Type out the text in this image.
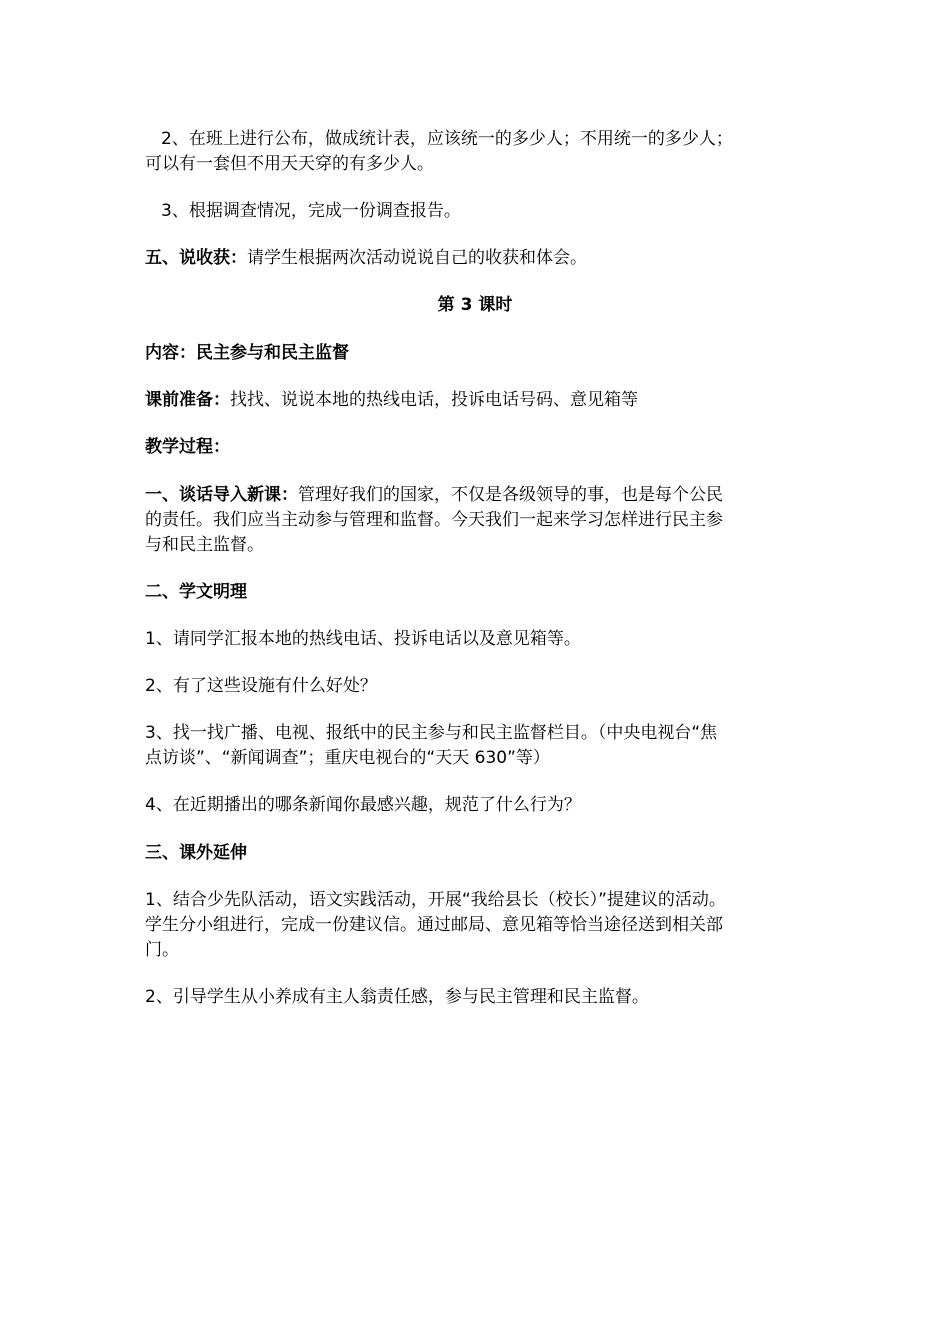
2、在班上进行公布，做成统计表，应该统一的多少人；不用统一的多少人；

可以有一套但不用天天穿的有多少人。
3、根据调查情况，完成一份调查报告。
五、说收获：请学生根据两次活动说说自己的收获和体会。
第 3 课时
内容：民主参与和民主监督
课前准备：找找、说说本地的热线电话，投诉电话号码、意见箱等
教学过程：
一、谈话导入新课：管理好我们的国家，不仅是各级领导的事，也是每个公民
的责任。我们应当主动参与管理和监督。今天我们一起来学习怎样进行民主参
与和民主监督。
二、学文明理
1、请同学汇报本地的热线电话、投诉电话以及意见箱等。
2、有了这些设施有什么好处？
3、找一找广播、电视、报纸中的民主参与和民主监督栏目。（中央电视台“焦
点访谈”、“新闻调查”；重庆电视台的“天天 630”等）
4、在近期播出的哪条新闻你最感兴趣，规范了什么行为？
三、课外延伸
1、结合少先队活动，语文实践活动，开展“我给县长（校长）”提建议的活动。
学生分小组进行，完成一份建议信。通过邮局、意见箱等恰当途径送到相关部
门。
2、引导学生从小养成有主人翁责任感，参与民主管理和民主监督。
